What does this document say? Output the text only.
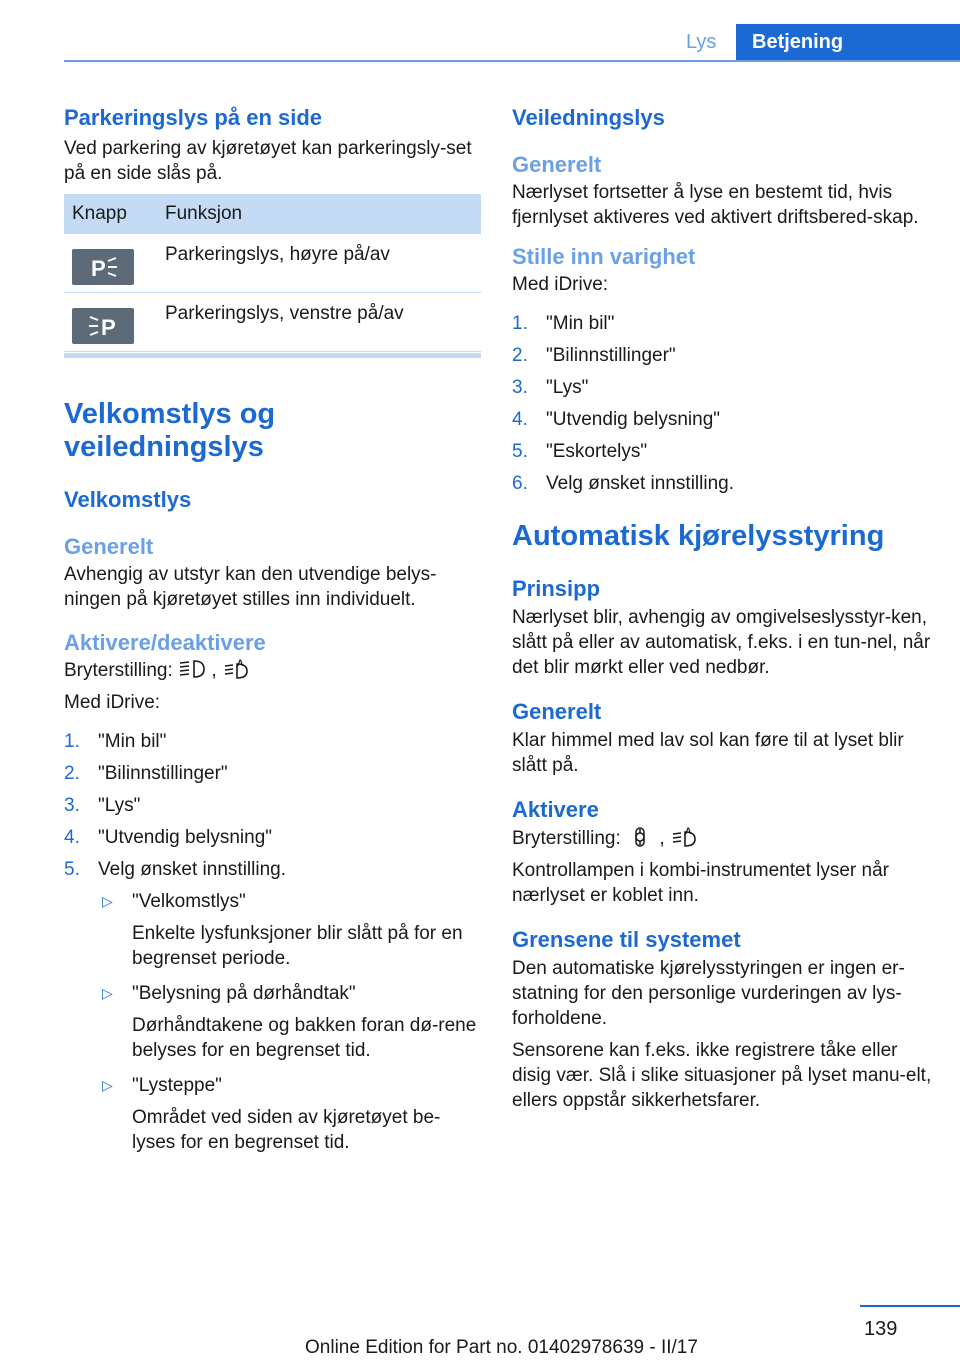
Lys Betjening
Parkeringslys på en side

Ved parkering av kjøretøyet kan parkeringsly-set på en side slås på.

Knapp Funksjon
P
Parkeringslys, høyre på/av
P
Parkeringslys, venstre på/av
Velkomstlys og veiledningslys
Velkomstlys
Generelt

Avhengig av utstyr kan den utvendige belys-ningen på kjøretøyet stilles inn individuelt.

Aktivere/deaktivere

Bryterstilling: , A

Med iDrive:

1. "Min bil"
2. "Bilinnstillinger"
3. "Lys"
4. "Utvendig belysning"
5. Velg ønsket innstilling.
▷ "Velkomstlys"

Enkelte lysfunksjoner blir slått på for en begrenset periode.

▷ "Belysning på dørhåndtak"

Dørhåndtakene og bakken foran dø-rene belyses for en begrenset tid.

▷ "Lysteppe"

Området ved siden av kjøretøyet be-lyses for en begrenset tid.

Veiledningslys
Generelt

Nærlyset fortsetter å lyse en bestemt tid, hvis fjernlyset aktiveres ved aktivert driftsbered-skap.

Stille inn varighet

Med iDrive:

1. "Min bil"
2. "Bilinnstillinger"
3. "Lys"
4. "Utvendig belysning"
5. "Eskortelys"
6. Velg ønsket innstilling.
Automatisk kjørelysstyring
Prinsipp

Nærlyset blir, avhengig av omgivelseslysstyr-ken, slått på eller av automatisk, f.eks. i en tun-nel, når det blir mørkt eller ved nedbør.

Generelt

Klar himmel med lav sol kan føre til at lyset blir slått på.

Aktivere

Bryterstilling: , A

Kontrollampen i kombi-instrumentet lyser når nærlyset er koblet inn.

Grensene til systemet

Den automatiske kjørelysstyringen er ingen er-statning for den personlige vurderingen av lys-forholdene.

Sensorene kan f.eks. ikke registrere tåke eller disig vær. Slå i slike situasjoner på lyset manu-elt, ellers oppstår sikkerhetsfarer.

139
Online Edition for Part no. 01402978639 - II/17
